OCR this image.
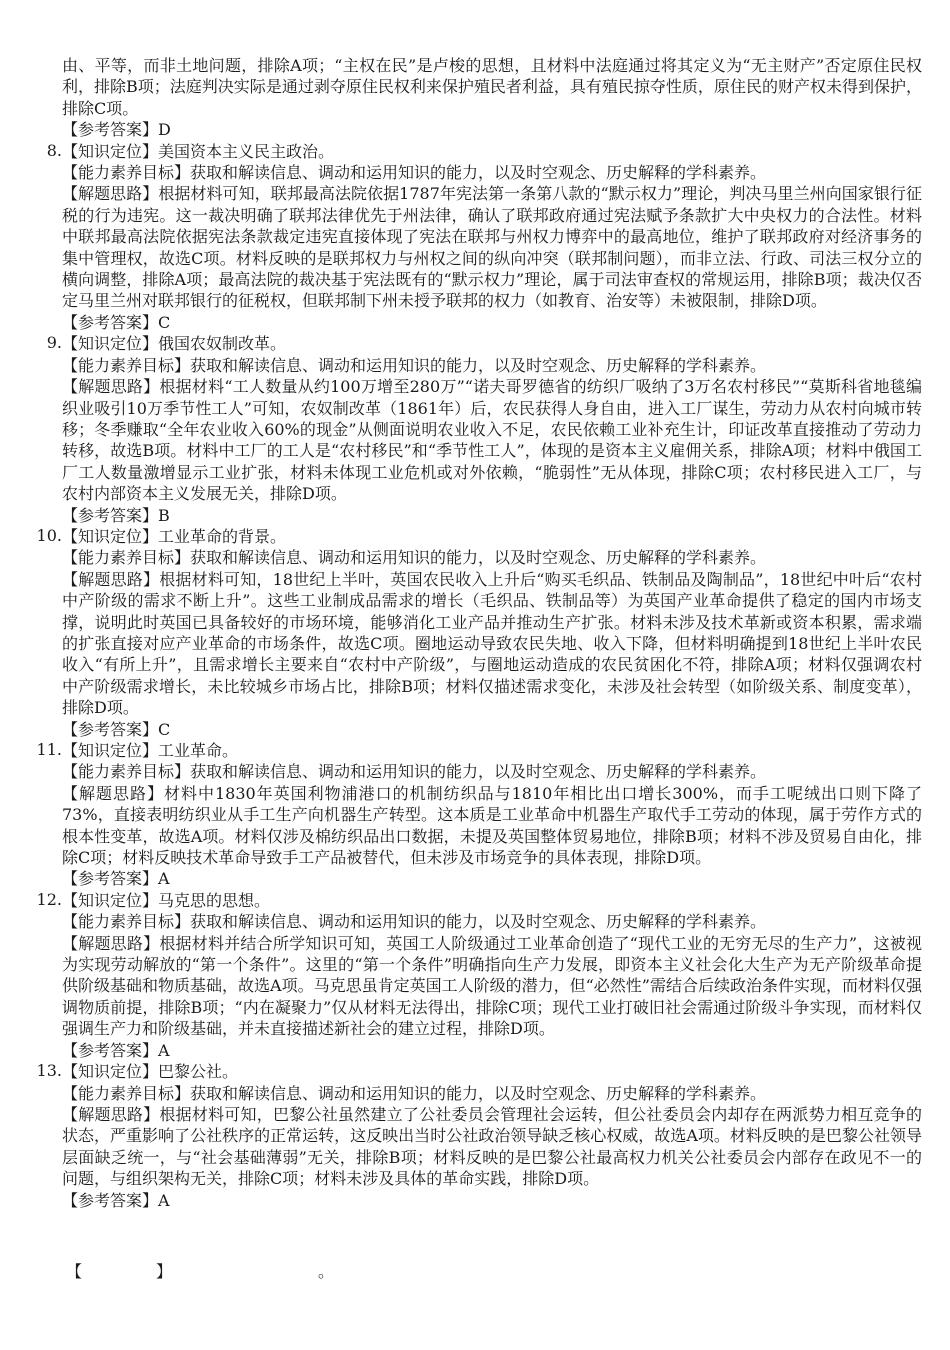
由、平等，而非土地问题，排除A项；“主权在民”是卢梭的思想，且材料中法庭通过将其定义为“无主财产”否定原住民权利，排除B项；法庭判决实际是通过剥夺原住民权利来保护殖民者利益，具有殖民掠夺性质，原住民的财产权未得到保护，排除C项。

【参考答案】D

8. 【知识定位】美国资本主义民主政治。

【能力素养目标】获取和解读信息、调动和运用知识的能力，以及时空观念、历史解释的学科素养。

【解题思路】根据材料可知，联邦最高法院依据1787年宪法第一条第八款的“默示权力”理论，判决马里兰州向国家银行征税的行为违宪。这一裁决明确了联邦法律优先于州法律，确认了联邦政府通过宪法赋予条款扩大中央权力的合法性。材料中联邦最高法院依据宪法条款裁定违宪直接体现了宪法在联邦与州权力博弈中的最高地位，维护了联邦政府对经济事务的集中管理权，故选C项。材料反映的是联邦权力与州权之间的纵向冲突（联邦制问题），而非立法、行政、司法三权分立的横向调整，排除A项；最高法院的裁决基于宪法既有的“默示权力”理论，属于司法审查权的常规运用，排除B项；裁决仅否定马里兰州对联邦银行的征税权，但联邦制下州未授予联邦的权力（如教育、治安等）未被限制，排除D项。

【参考答案】C

9. 【知识定位】俄国农奴制改革。

【能力素养目标】获取和解读信息、调动和运用知识的能力，以及时空观念、历史解释的学科素养。

【解题思路】根据材料“工人数量从约100万增至280万”“诺夫哥罗德省的纺织厂吸纳了3万名农村移民”“莫斯科省地毯编织业吸引10万季节性工人”可知，农奴制改革（1861年）后，农民获得人身自由，进入工厂谋生，劳动力从农村向城市转移；冬季赚取“全年农业收入60%的现金”从侧面说明农业收入不足，农民依赖工业补充生计，印证改革直接推动了劳动力转移，故选B项。材料中工厂的工人是“农村移民”和“季节性工人”，体现的是资本主义雇佣关系，排除A项；材料中俄国工厂工人数量激增显示工业扩张，材料未体现工业危机或对外依赖，“脆弱性”无从体现，排除C项；农村移民进入工厂，与农村内部资本主义发展无关，排除D项。

【参考答案】B

10. 【知识定位】工业革命的背景。

【能力素养目标】获取和解读信息、调动和运用知识的能力，以及时空观念、历史解释的学科素养。

【解题思路】根据材料可知，18世纪上半叶，英国农民收入上升后“购买毛织品、铁制品及陶制品”，18世纪中叶后“农村中产阶级的需求不断上升”。这些工业制成品需求的增长（毛织品、铁制品等）为英国产业革命提供了稳定的国内市场支撑，说明此时英国已具备较好的市场环境，能够消化工业产品并推动生产扩张。材料未涉及技术革新或资本积累，需求端的扩张直接对应产业革命的市场条件，故选C项。圈地运动导致农民失地、收入下降，但材料明确提到18世纪上半叶农民收入“有所上升”，且需求增长主要来自“农村中产阶级”，与圈地运动造成的农民贫困化不符，排除A项；材料仅强调农村中产阶级需求增长，未比较城乡市场占比，排除B项；材料仅描述需求变化，未涉及社会转型（如阶级关系、制度变革），排除D项。

【参考答案】C

11. 【知识定位】工业革命。

【能力素养目标】获取和解读信息、调动和运用知识的能力，以及时空观念、历史解释的学科素养。

【解题思路】材料中1830年英国利物浦港口的机制纺织品与1810年相比出口增长300%，而手工呢绒出口则下降了73%，直接表明纺织业从手工生产向机器生产转型。这本质是工业革命中机器生产取代手工劳动的体现，属于劳作方式的根本性变革，故选A项。材料仅涉及棉纺织品出口数据，未提及英国整体贸易地位，排除B项；材料不涉及贸易自由化，排除C项；材料反映技术革命导致手工产品被替代，但未涉及市场竞争的具体表现，排除D项。

【参考答案】A

12. 【知识定位】马克思的思想。

【能力素养目标】获取和解读信息、调动和运用知识的能力，以及时空观念、历史解释的学科素养。

【解题思路】根据材料并结合所学知识可知，英国工人阶级通过工业革命创造了“现代工业的无穷无尽的生产力”，这被视为实现劳动解放的“第一个条件”。这里的“第一个条件”明确指向生产力发展，即资本主义社会化大生产为无产阶级革命提供阶级基础和物质基础，故选A项。马克思虽肯定英国工人阶级的潜力，但“必然性”需结合后续政治条件实现，而材料仅强调物质前提，排除B项；“内在凝聚力”仅从材料无法得出，排除C项；现代工业打破旧社会需通过阶级斗争实现，而材料仅强调生产力和阶级基础，并未直接描述新社会的建立过程，排除D项。

【参考答案】A

13. 【知识定位】巴黎公社。

【能力素养目标】获取和解读信息、调动和运用知识的能力，以及时空观念、历史解释的学科素养。

【解题思路】根据材料可知，巴黎公社虽然建立了公社委员会管理社会运转，但公社委员会内却存在两派势力相互竞争的状态，严重影响了公社秩序的正常运转，这反映出当时公社政治领导缺乏核心权威，故选A项。材料反映的是巴黎公社领导层面缺乏统一，与“社会基础薄弱”无关，排除B项；材料反映的是巴黎公社最高权力机关公社委员会内部存在政见不一的问题，与组织架构无关，排除C项；材料未涉及具体的革命实践，排除D项。

【参考答案】A

【	】	。
